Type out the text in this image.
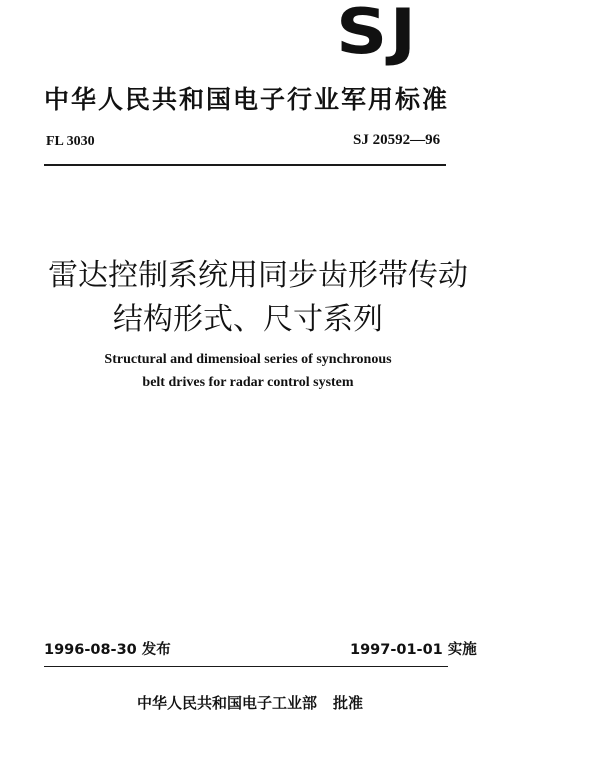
SJ
中华人民共和国电子行业军用标准
FL 3030	SJ 20592—96
雷达控制系统用同步齿形带传动
结构形式、尺寸系列
Structural and dimensioal series of synchronous
belt drives for radar control system
1996-08-30 发布	1997-01-01 实施
中华人民共和国电子工业部 批准
